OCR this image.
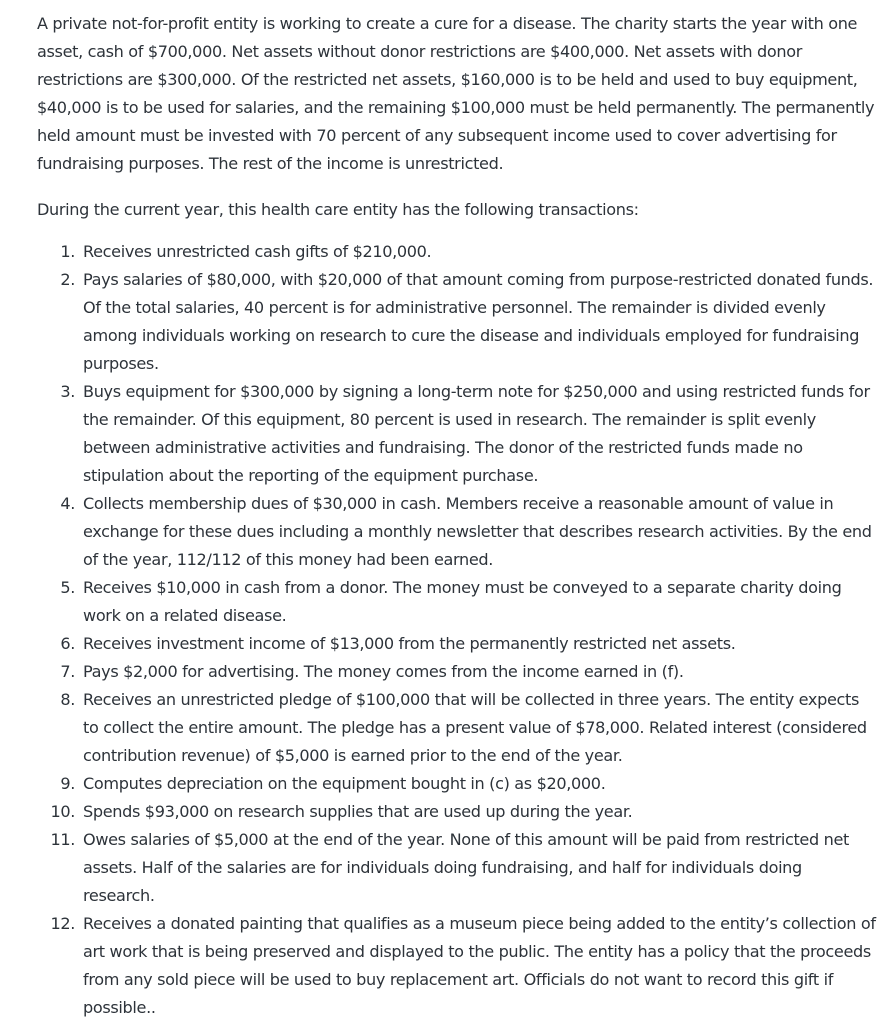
A private not-for-profit entity is working to create a cure for a disease. The charity starts the year with one asset, cash of $700,000. Net assets without donor restrictions are $400,000. Net assets with donor restrictions are $300,000. Of the restricted net assets, $160,000 is to be held and used to buy equipment, $40,000 is to be used for salaries, and the remaining $100,000 must be held permanently. The permanently held amount must be invested with 70 percent of any subsequent income used to cover advertising for fundraising purposes. The rest of the income is unrestricted.

During the current year, this health care entity has the following transactions:

1. Receives unrestricted cash gifts of $210,000.
2. Pays salaries of $80,000, with $20,000 of that amount coming from purpose-restricted donated funds. Of the total salaries, 40 percent is for administrative personnel. The remainder is divided evenly among individuals working on research to cure the disease and individuals employed for fundraising purposes.
3. Buys equipment for $300,000 by signing a long-term note for $250,000 and using restricted funds for the remainder. Of this equipment, 80 percent is used in research. The remainder is split evenly between administrative activities and fundraising. The donor of the restricted funds made no stipulation about the reporting of the equipment purchase.
4. Collects membership dues of $30,000 in cash. Members receive a reasonable amount of value in exchange for these dues including a monthly newsletter that describes research activities. By the end of the year, 112/112 of this money had been earned.
5. Receives $10,000 in cash from a donor. The money must be conveyed to a separate charity doing work on a related disease.
6. Receives investment income of $13,000 from the permanently restricted net assets.
7. Pays $2,000 for advertising. The money comes from the income earned in (f).
8. Receives an unrestricted pledge of $100,000 that will be collected in three years. The entity expects to collect the entire amount. The pledge has a present value of $78,000. Related interest (considered contribution revenue) of $5,000 is earned prior to the end of the year.
9. Computes depreciation on the equipment bought in (c) as $20,000.
10. Spends $93,000 on research supplies that are used up during the year.
11. Owes salaries of $5,000 at the end of the year. None of this amount will be paid from restricted net assets. Half of the salaries are for individuals doing fundraising, and half for individuals doing research.
12. Receives a donated painting that qualifies as a museum piece being added to the entity’s collection of art work that is being preserved and displayed to the public. The entity has a policy that the proceeds from any sold piece will be used to buy replacement art. Officials do not want to record this gift if possible..
